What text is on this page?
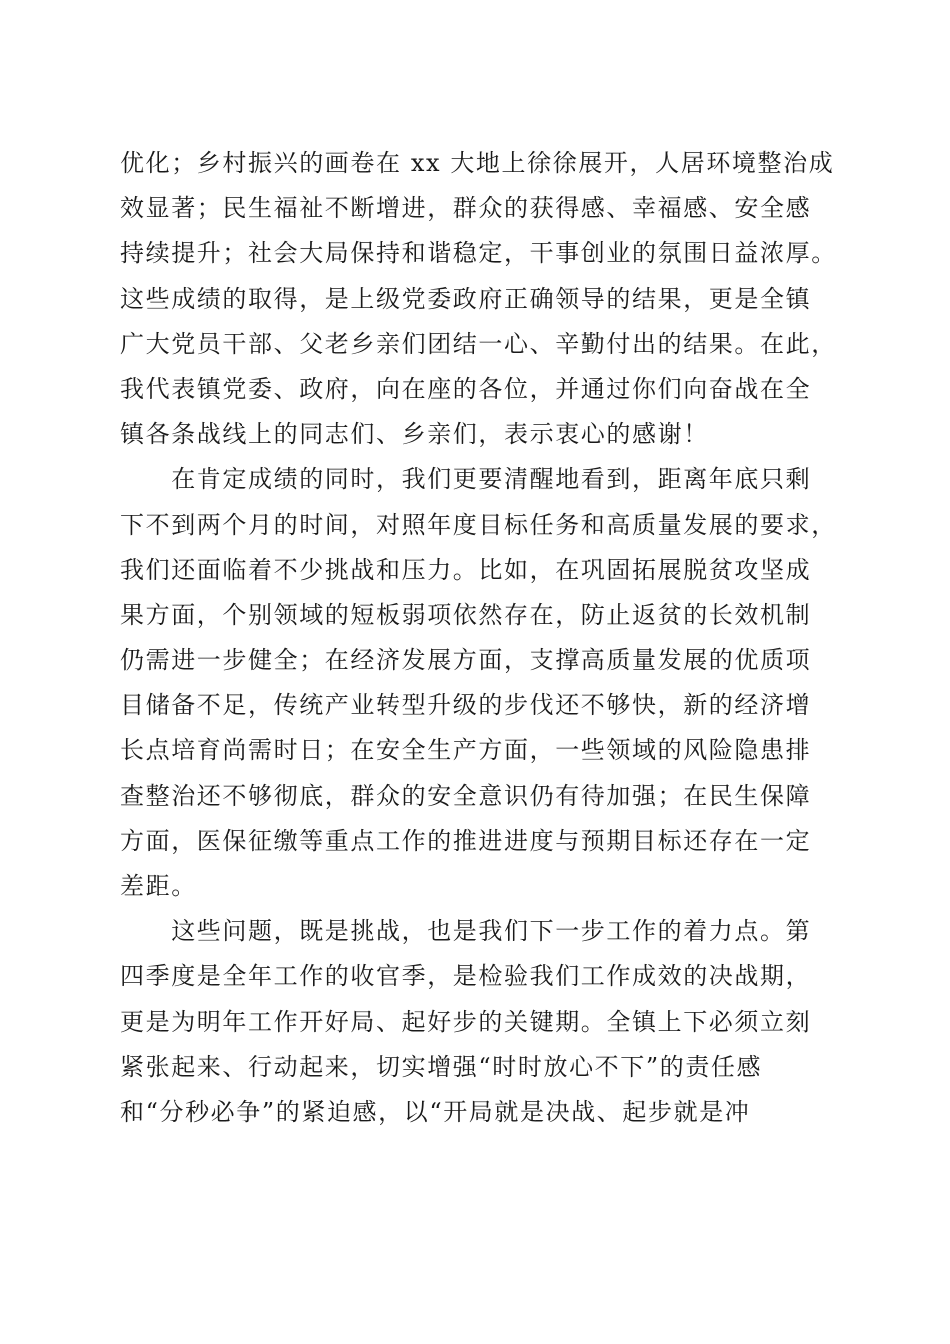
优化；乡村振兴的画卷在 xx 大地上徐徐展开，人居环境整治成
效显著；民生福祉不断增进，群众的获得感、幸福感、安全感
持续提升；社会大局保持和谐稳定，干事创业的氛围日益浓厚。
这些成绩的取得，是上级党委政府正确领导的结果，更是全镇
广大党员干部、父老乡亲们团结一心、辛勤付出的结果。在此，
我代表镇党委、政府，向在座的各位，并通过你们向奋战在全
镇各条战线上的同志们、乡亲们，表示衷心的感谢！
　　在肯定成绩的同时，我们更要清醒地看到，距离年底只剩
下不到两个月的时间，对照年度目标任务和高质量发展的要求，
我们还面临着不少挑战和压力。比如，在巩固拓展脱贫攻坚成
果方面，个别领域的短板弱项依然存在，防止返贫的长效机制
仍需进一步健全；在经济发展方面，支撑高质量发展的优质项
目储备不足，传统产业转型升级的步伐还不够快，新的经济增
长点培育尚需时日；在安全生产方面，一些领域的风险隐患排
查整治还不够彻底，群众的安全意识仍有待加强；在民生保障
方面，医保征缴等重点工作的推进进度与预期目标还存在一定
差距。
　　这些问题，既是挑战，也是我们下一步工作的着力点。第
四季度是全年工作的收官季，是检验我们工作成效的决战期，
更是为明年工作开好局、起好步的关键期。全镇上下必须立刻
紧张起来、行动起来，切实增强“时时放心不下”的责任感
和“分秒必争”的紧迫感，以“开局就是决战、起步就是冲
